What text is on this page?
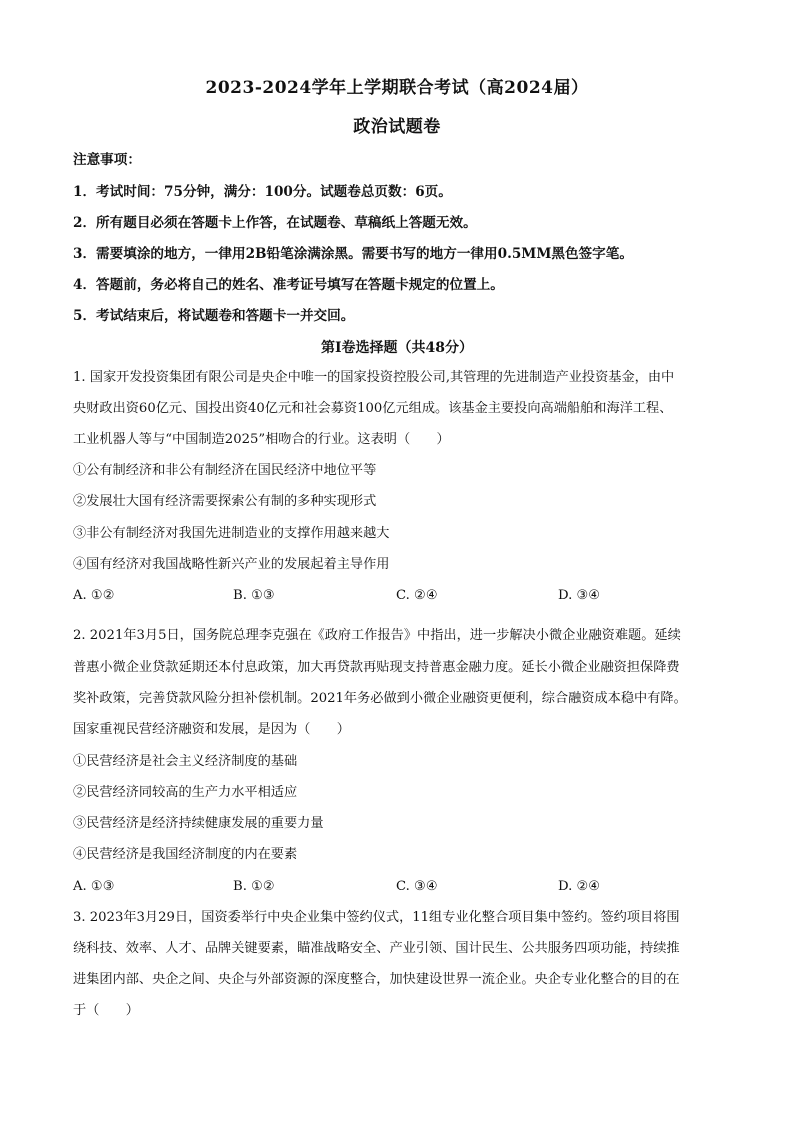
2023-2024学年上学期联合考试（高2024届）
政治试题卷
注意事项：
1．考试时间：75分钟，满分：100分。试题卷总页数：6页。
2．所有题目必须在答题卡上作答，在试题卷、草稿纸上答题无效。
3．需要填涂的地方，一律用2B铅笔涂满涂黑。需要书写的地方一律用0.5MM黑色签字笔。
4．答题前，务必将自己的姓名、准考证号填写在答题卡规定的位置上。
5．考试结束后，将试题卷和答题卡一并交回。
第Ⅰ卷选择题（共48分）
1. 国家开发投资集团有限公司是央企中唯一的国家投资控股公司,其管理的先进制造产业投资基金，由中
央财政出资60亿元、国投出资40亿元和社会募资100亿元组成。该基金主要投向高端船舶和海洋工程、
工业机器人等与“中国制造2025”相吻合的行业。这表明（　　）
①公有制经济和非公有制经济在国民经济中地位平等
②发展壮大国有经济需要探索公有制的多种实现形式
③非公有制经济对我国先进制造业的支撑作用越来越大
④国有经济对我国战略性新兴产业的发展起着主导作用
A. ①②	B. ①③	C. ②④	D. ③④
2. 2021年3月5日，国务院总理李克强在《政府工作报告》中指出，进一步解决小微企业融资难题。延续
普惠小微企业贷款延期还本付息政策，加大再贷款再贴现支持普惠金融力度。延长小微企业融资担保降费
奖补政策，完善贷款风险分担补偿机制。2021年务必做到小微企业融资更便利，综合融资成本稳中有降。
国家重视民营经济融资和发展，是因为（　　）
①民营经济是社会主义经济制度的基础
②民营经济同较高的生产力水平相适应
③民营经济是经济持续健康发展的重要力量
④民营经济是我国经济制度的内在要素
A. ①③	B. ①②	C. ③④	D. ②④
3. 2023年3月29日，国资委举行中央企业集中签约仪式，11组专业化整合项目集中签约。签约项目将围
绕科技、效率、人才、品牌关键要素，瞄准战略安全、产业引领、国计民生、公共服务四项功能，持续推
进集团内部、央企之间、央企与外部资源的深度整合，加快建设世界一流企业。央企专业化整合的目的在
于（　　）
